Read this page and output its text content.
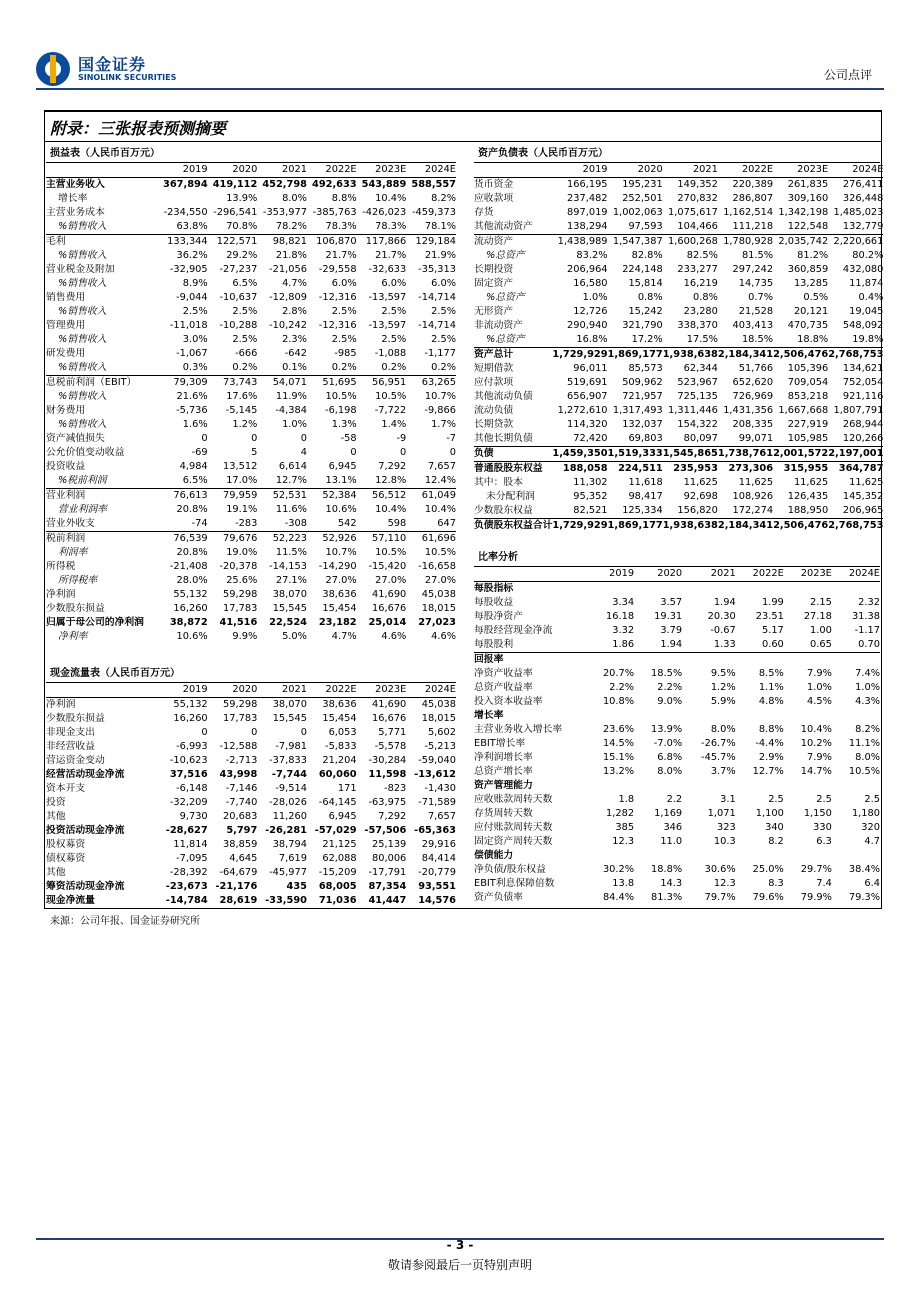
国金证券
SINOLINK SECURITIES	公司点评
附录：三张报表预测摘要
损益表（人民币百万元）
	2019	2020	2021	2022E	2023E	2024E
主营业务收入	367,894	419,112	452,798	492,633	543,889	588,557
增长率		13.9%	8.0%	8.8%	10.4%	8.2%
主营业务成本	-234,550	-296,541	-353,977	-385,763	-426,023	-459,373
%销售收入	63.8%	70.8%	78.2%	78.3%	78.3%	78.1%
毛利	133,344	122,571	98,821	106,870	117,866	129,184
%销售收入	36.2%	29.2%	21.8%	21.7%	21.7%	21.9%
营业税金及附加	-32,905	-27,237	-21,056	-29,558	-32,633	-35,313
%销售收入	8.9%	6.5%	4.7%	6.0%	6.0%	6.0%
销售费用	-9,044	-10,637	-12,809	-12,316	-13,597	-14,714
%销售收入	2.5%	2.5%	2.8%	2.5%	2.5%	2.5%
管理费用	-11,018	-10,288	-10,242	-12,316	-13,597	-14,714
%销售收入	3.0%	2.5%	2.3%	2.5%	2.5%	2.5%
研发费用	-1,067	-666	-642	-985	-1,088	-1,177
%销售收入	0.3%	0.2%	0.1%	0.2%	0.2%	0.2%
息税前利润（EBIT）	79,309	73,743	54,071	51,695	56,951	63,265
%销售收入	21.6%	17.6%	11.9%	10.5%	10.5%	10.7%
财务费用	-5,736	-5,145	-4,384	-6,198	-7,722	-9,866
%销售收入	1.6%	1.2%	1.0%	1.3%	1.4%	1.7%
资产减值损失	0	0	0	-58	-9	-7
公允价值变动收益	-69	5	4	0	0	0
投资收益	4,984	13,512	6,614	6,945	7,292	7,657
%税前利润	6.5%	17.0%	12.7%	13.1%	12.8%	12.4%
营业利润	76,613	79,959	52,531	52,384	56,512	61,049
营业利润率	20.8%	19.1%	11.6%	10.6%	10.4%	10.4%
营业外收支	-74	-283	-308	542	598	647
税前利润	76,539	79,676	52,223	52,926	57,110	61,696
利润率	20.8%	19.0%	11.5%	10.7%	10.5%	10.5%
所得税	-21,408	-20,378	-14,153	-14,290	-15,420	-16,658
所得税率	28.0%	25.6%	27.1%	27.0%	27.0%	27.0%
净利润	55,132	59,298	38,070	38,636	41,690	45,038
少数股东损益	16,260	17,783	15,545	15,454	16,676	18,015
归属于母公司的净利润	38,872	41,516	22,524	23,182	25,014	27,023
净利率	10.6%	9.9%	5.0%	4.7%	4.6%	4.6%
现金流量表（人民币百万元）
	2019	2020	2021	2022E	2023E	2024E
净利润	55,132	59,298	38,070	38,636	41,690	45,038
少数股东损益	16,260	17,783	15,545	15,454	16,676	18,015
非现金支出	0	0	0	6,053	5,771	5,602
非经营收益	-6,993	-12,588	-7,981	-5,833	-5,578	-5,213
营运资金变动	-10,623	-2,713	-37,833	21,204	-30,284	-59,040
经营活动现金净流	37,516	43,998	-7,744	60,060	11,598	-13,612
资本开支	-6,148	-7,146	-9,514	171	-823	-1,430
投资	-32,209	-7,740	-28,026	-64,145	-63,975	-71,589
其他	9,730	20,683	11,260	6,945	7,292	7,657
投资活动现金净流	-28,627	5,797	-26,281	-57,029	-57,506	-65,363
股权募资	11,814	38,859	38,794	21,125	25,139	29,916
债权募资	-7,095	4,645	7,619	62,088	80,006	84,414
其他	-28,392	-64,679	-45,977	-15,209	-17,791	-20,779
筹资活动现金净流	-23,673	-21,176	435	68,005	87,354	93,551
现金净流量	-14,784	28,619	-33,590	71,036	41,447	14,576
资产负债表（人民币百万元）
	2019	2020	2021	2022E	2023E	2024E
货币资金	166,195	195,231	149,352	220,389	261,835	276,411
应收款项	237,482	252,501	270,832	286,807	309,160	326,448
存货	897,019	1,002,063	1,075,617	1,162,514	1,342,198	1,485,023
其他流动资产	138,294	97,593	104,466	111,218	122,548	132,779
流动资产	1,438,989	1,547,387	1,600,268	1,780,928	2,035,742	2,220,661
%总资产	83.2%	82.8%	82.5%	81.5%	81.2%	80.2%
长期投资	206,964	224,148	233,277	297,242	360,859	432,080
固定资产	16,580	15,814	16,219	14,735	13,285	11,874
%总资产	1.0%	0.8%	0.8%	0.7%	0.5%	0.4%
无形资产	12,726	15,242	23,280	21,528	20,121	19,045
非流动资产	290,940	321,790	338,370	403,413	470,735	548,092
%总资产	16.8%	17.2%	17.5%	18.5%	18.8%	19.8%
资产总计	1,729,929	1,869,177	1,938,638	2,184,341	2,506,476	2,768,753
短期借款	96,011	85,573	62,344	51,766	105,396	134,621
应付款项	519,691	509,962	523,967	652,620	709,054	752,054
其他流动负债	656,907	721,957	725,135	726,969	853,218	921,116
流动负债	1,272,610	1,317,493	1,311,446	1,431,356	1,667,668	1,807,791
长期贷款	114,320	132,037	154,322	208,335	227,919	268,944
其他长期负债	72,420	69,803	80,097	99,071	105,985	120,266
负债	1,459,350	1,519,333	1,545,865	1,738,761	2,001,572	2,197,001
普通股股东权益	188,058	224,511	235,953	273,306	315,955	364,787
其中：股本	11,302	11,618	11,625	11,625	11,625	11,625
未分配利润	95,352	98,417	92,698	108,926	126,435	145,352
少数股东权益	82,521	125,334	156,820	172,274	188,950	206,965
负债股东权益合计	1,729,929	1,869,177	1,938,638	2,184,341	2,506,476	2,768,753
比率分析
	2019	2020	2021	2022E	2023E	2024E
每股指标						
每股收益	3.34	3.57	1.94	1.99	2.15	2.32
每股净资产	16.18	19.31	20.30	23.51	27.18	31.38
每股经营现金净流	3.32	3.79	-0.67	5.17	1.00	-1.17
每股股利	1.86	1.94	1.33	0.60	0.65	0.70
回报率						
净资产收益率	20.7%	18.5%	9.5%	8.5%	7.9%	7.4%
总资产收益率	2.2%	2.2%	1.2%	1.1%	1.0%	1.0%
投入资本收益率	10.8%	9.0%	5.9%	4.8%	4.5%	4.3%
增长率						
主营业务收入增长率	23.6%	13.9%	8.0%	8.8%	10.4%	8.2%
EBIT增长率	14.5%	-7.0%	-26.7%	-4.4%	10.2%	11.1%
净利润增长率	15.1%	6.8%	-45.7%	2.9%	7.9%	8.0%
总资产增长率	13.2%	8.0%	3.7%	12.7%	14.7%	10.5%
资产管理能力						
应收账款周转天数	1.8	2.2	3.1	2.5	2.5	2.5
存货周转天数	1,282	1,169	1,071	1,100	1,150	1,180
应付账款周转天数	385	346	323	340	330	320
固定资产周转天数	12.3	11.0	10.3	8.2	6.3	4.7
偿债能力						
净负债/股东权益	30.2%	18.8%	30.6%	25.0%	29.7%	38.4%
EBIT利息保障倍数	13.8	14.3	12.3	8.3	7.4	6.4
资产负债率	84.4%	81.3%	79.7%	79.6%	79.9%	79.3%
来源：公司年报、国金证券研究所
- 3 -
敬请参阅最后一页特别声明
